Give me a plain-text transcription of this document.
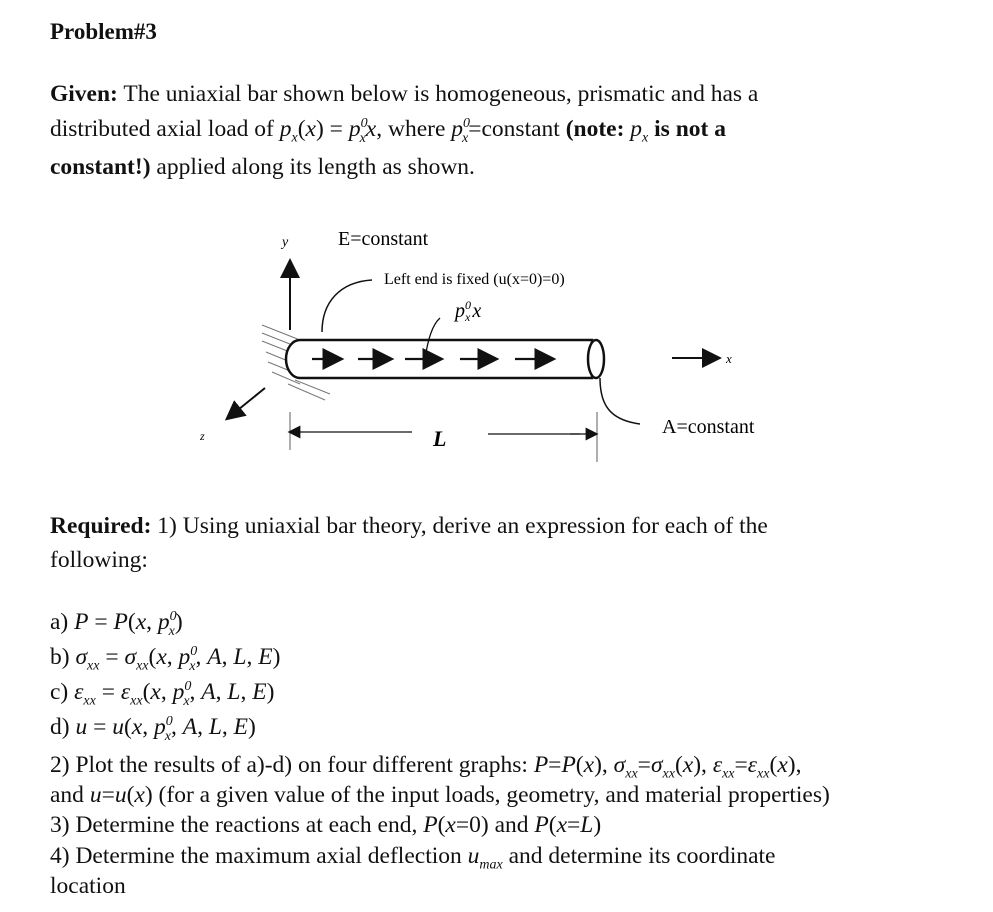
Problem#3
Given: The uniaxial bar shown below is homogeneous, prismatic and has a
distributed axial load of $p_x(x) = p^0_xx$, where $p^0_x=constant$ (note: $p_x$ is not a
constant!) applied along its length as shown.
y
z
x
$p^0$ x x
E=constant
Left end is fixed (u(x=0)=0)
A=constant
L
Required: 1) Using uniaxial bar theory, derive an expression for each of the
following:
a) P = P(x, $p^0_x$)
b) $\sigma_{xx} = \sigma_{xx}(x$, $p^0_x$, A, L, E)
c) $\varepsilon_{xx} = \varepsilon_{xx}(x$, $p^0_x$, A, L, E)
d) u = u(x, $p^0_x$, A, L, E)
2) Plot the results of a)-d) on four different graphs: P=P(x), $\sigma_{xx}=\sigma_{xx}(x)$, $\varepsilon_{xx}=\varepsilon_{xx}(x)$,
and u=u(x) (for a given value of the input loads, geometry, and material properties)
3) Determine the reactions at each end, P(x=0) and P(x=L)
4) Determine the maximum axial deflection $u_{max}$ and determine its coordinate
location
